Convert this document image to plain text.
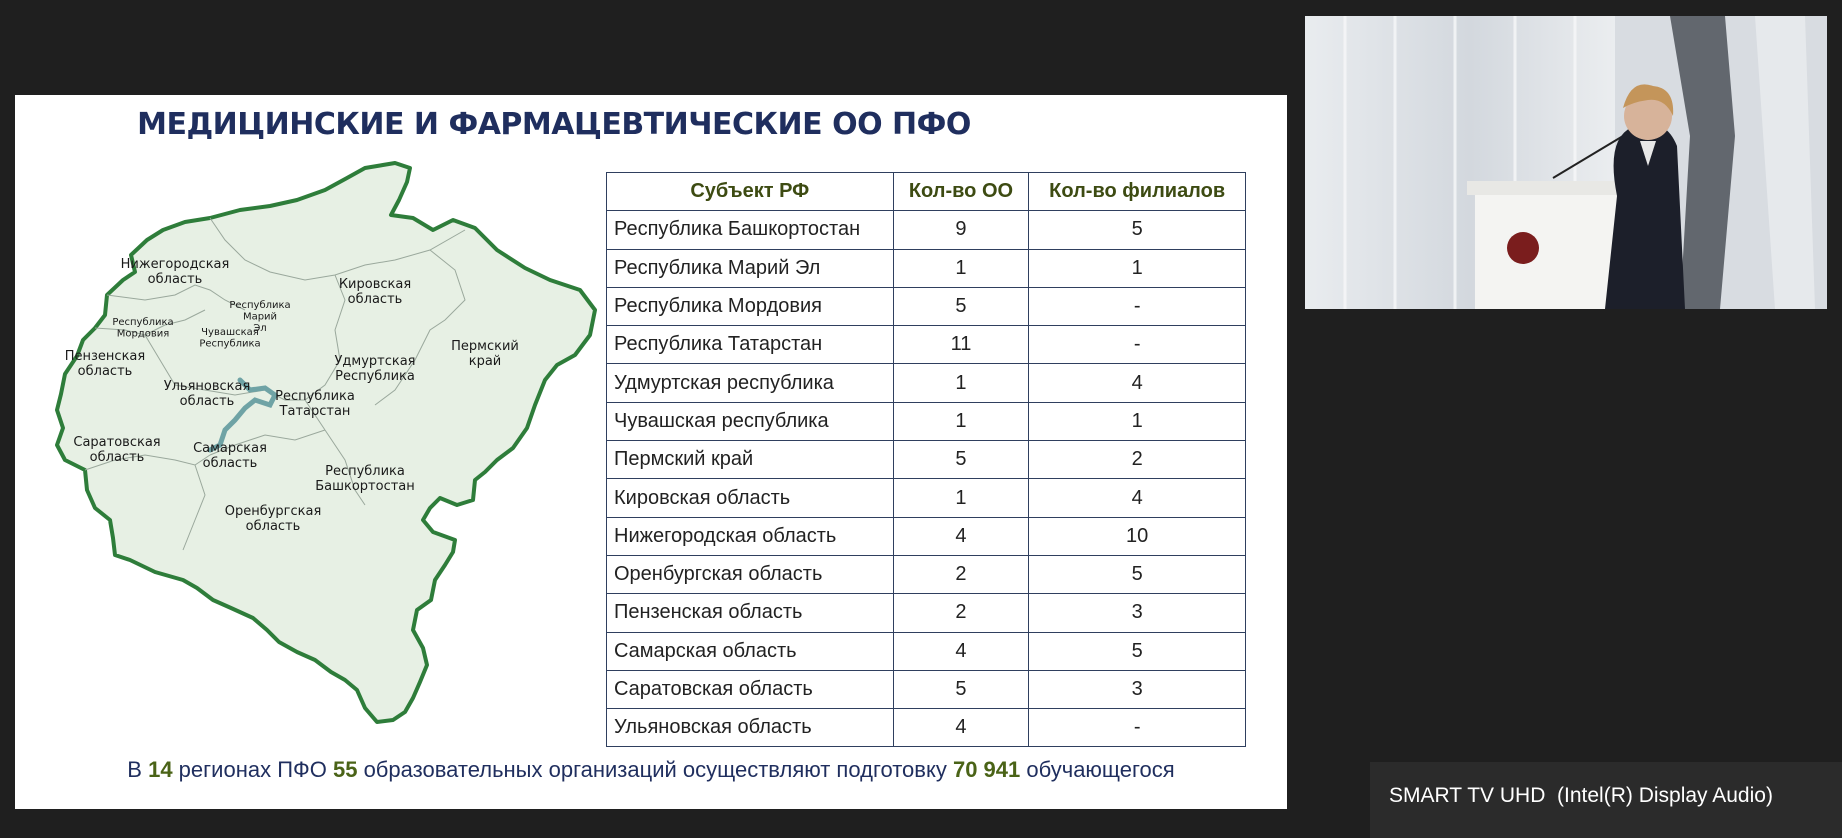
МЕДИЦИНСКИЕ И ФАРМАЦЕВТИЧЕСКИЕ ОО ПФО
Нижегородская область	Кировская область
Республика Марий Эл
Республика Мордовия	Чувашская Республика
Пензенская область
Удмуртская Республика
Пермский край
Ульяновская область	Республика Татарстан
Саратовская область
Самарская область
Республика Башкортостан
Оренбургская область
Субъект РФ	Кол-во ОО	Кол-во филиалов
Республика Башкортостан	9	5
Республика Марий Эл	1	1
Республика Мордовия	5	-
Республика Татарстан	11	-
Удмуртская республика	1	4
Чувашская республика	1	1
Пермский край	5	2
Кировская область	1	4
Нижегородская область	4	10
Оренбургская область	2	5
Пензенская область	2	3
Самарская область	4	5
Саратовская область	5	3
Ульяновская область	4	-
В 14 регионах ПФО 55 образовательных организаций осуществляют подготовку 70 941 обучающегося
SMART TV UHD  (Intel(R) Display Audio)
